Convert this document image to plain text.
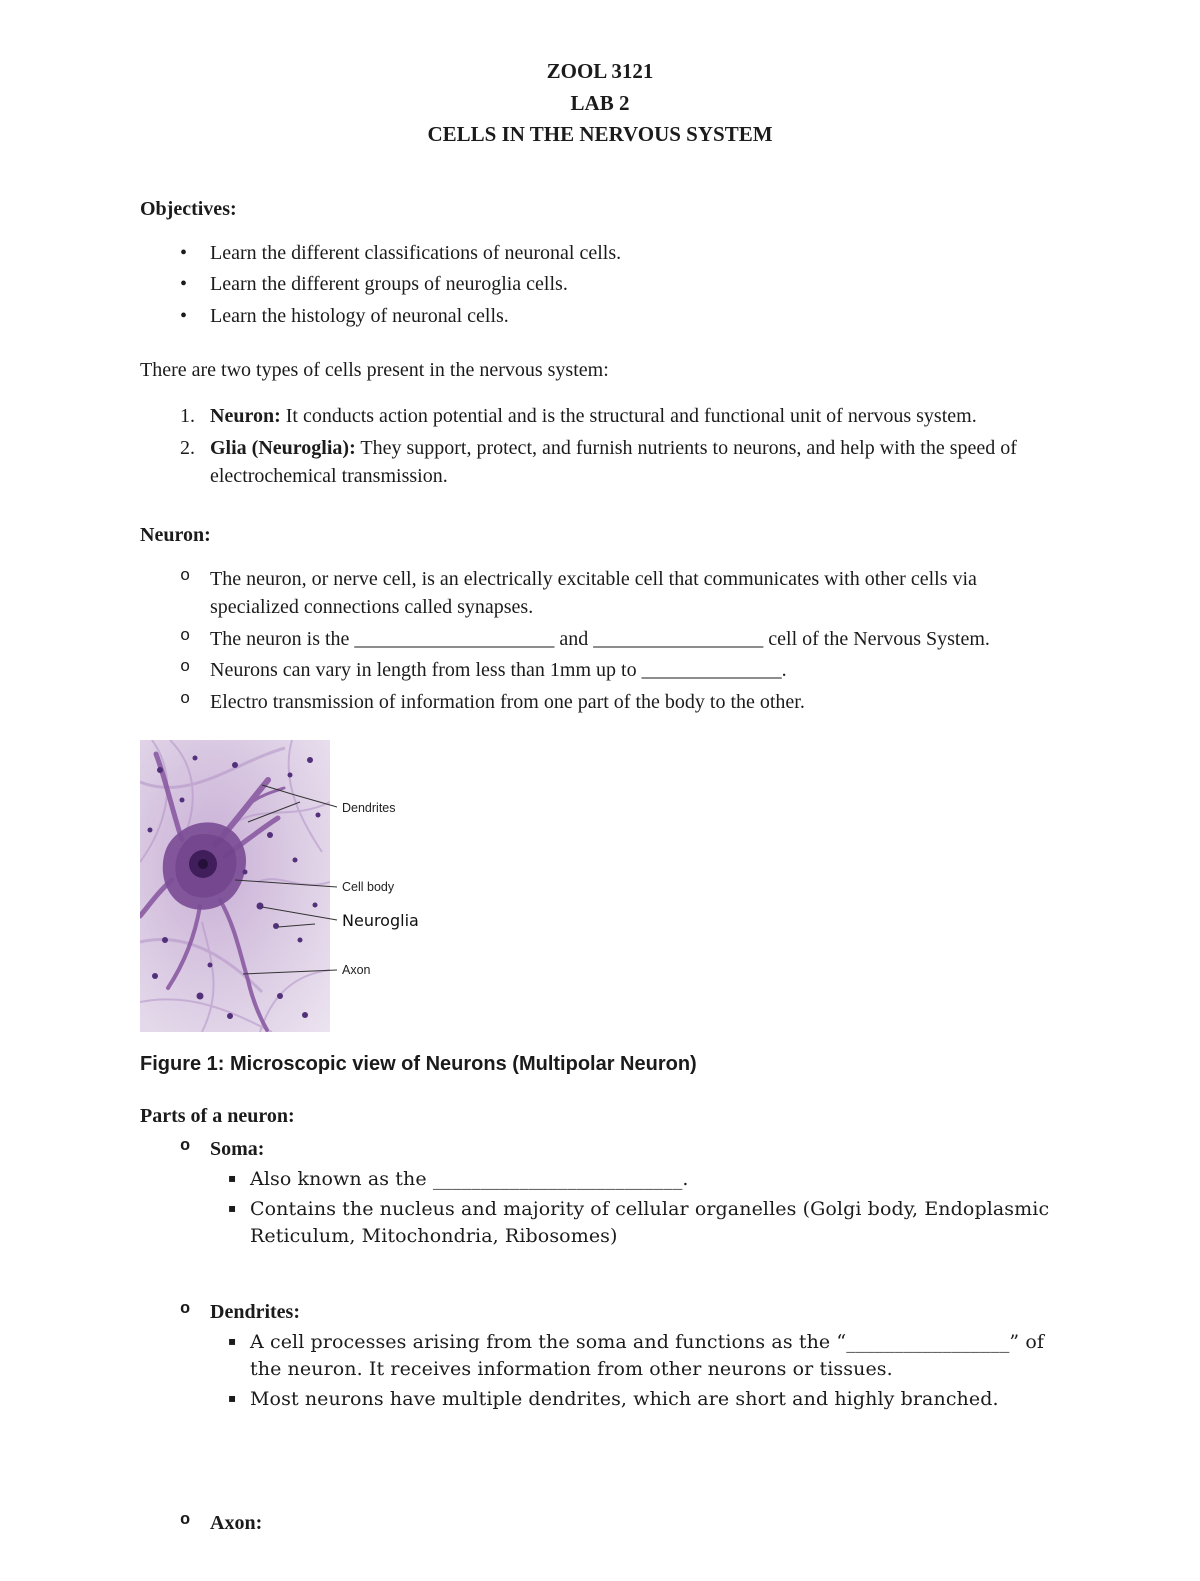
ZOOL 3121
LAB 2
CELLS IN THE NERVOUS SYSTEM
Objectives:
•	Learn the different classifications of neuronal cells.
•	Learn the different groups of neuroglia cells.
•	Learn the histology of neuronal cells.
There are two types of cells present in the nervous system:
1. Neuron: It conducts action potential and is the structural and functional unit of nervous system.
2. Glia (Neuroglia): They support, protect, and furnish nutrients to neurons, and help with the speed of electrochemical transmission.
Neuron:
o The neuron, or nerve cell, is an electrically excitable cell that communicates with other cells via specialized connections called synapses.
o The neuron is the ____________________ and _________________ cell of the Nervous System.
o Neurons can vary in length from less than 1mm up to ______________.
o Electro transmission of information from one part of the body to the other.
Dendrites
Cell body
Neuroglia
Axon
Figure 1: Microscopic view of Neurons (Multipolar Neuron)
Parts of a neuron:
o Soma:
▪ Also known as the __________________________.
▪ Contains the nucleus and majority of cellular organelles (Golgi body, Endoplasmic Reticulum, Mitochondria, Ribosomes)
o Dendrites:
▪ A cell processes arising from the soma and functions as the “_________________” of the neuron. It receives information from other neurons or tissues.
▪ Most neurons have multiple dendrites, which are short and highly branched.
o Axon:
